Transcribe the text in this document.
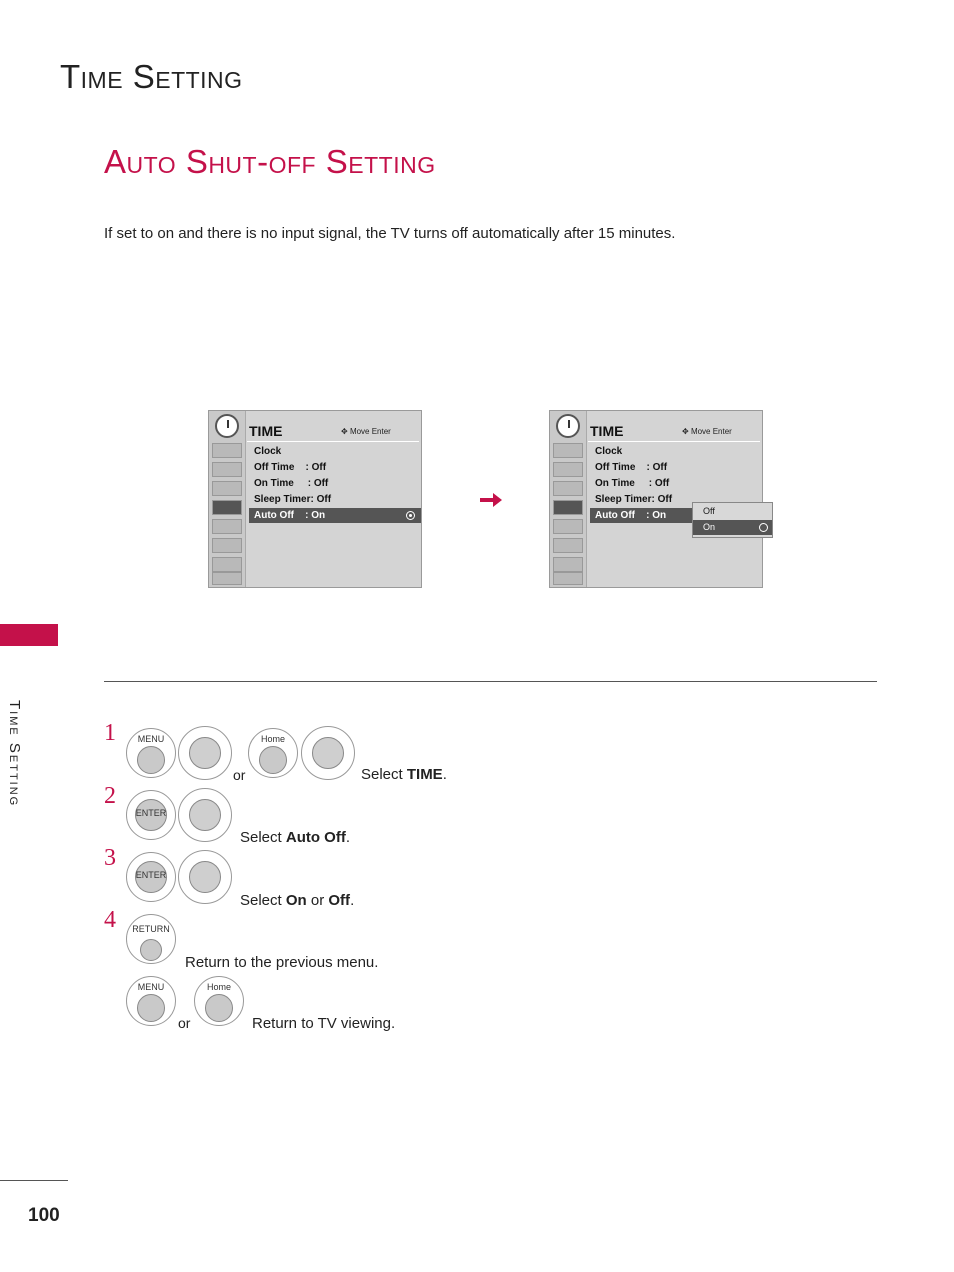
Time Setting
Auto Shut-off Setting
If set to on and there is no input signal, the TV turns off automatically after 15 minutes.
Time Setting
TIME	✥ Move Enter
Clock
Off Time    : Off
On Time     : Off
Sleep Timer: Off
Auto Off    : On
TIME	✥ Move Enter
Clock
Off Time    : Off
On Time     : Off
Sleep Timer: Off
Auto Off    : On	Off
On
1	MENU
or
Home
Select TIME.
2
ENTER
Select Auto Off.
3
ENTER
Select On or Off.
4	RETURN
Return to the previous menu.
MENU
or
Home
Return to TV viewing.
100
